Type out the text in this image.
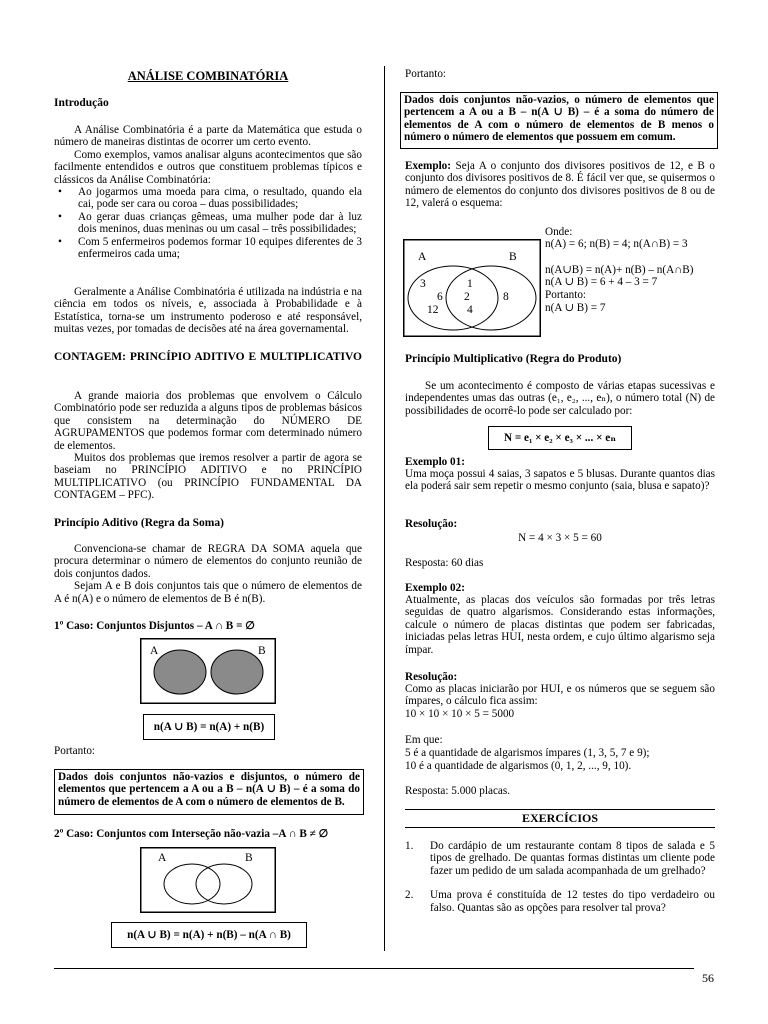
ANÁLISE COMBINATÓRIA
Introdução

A Análise Combinatória é a parte da Matemática que estuda o número de maneiras distintas de ocorrer um certo evento.

Como exemplos, vamos analisar alguns acontecimentos que são facilmente entendidos e outros que constituem problemas típicos e clássicos da Análise Combinatória:

• Ao jogarmos uma moeda para cima, o resultado, quando ela cai, pode ser cara ou coroa – duas possibilidades;
• Ao gerar duas crianças gêmeas, uma mulher pode dar à luz dois meninos, duas meninas ou um casal – três possibilidades;
• Com 5 enfermeiros podemos formar 10 equipes diferentes de 3 enfermeiros cada uma;

Geralmente a Análise Combinatória é utilizada na indústria e na ciência em todos os níveis, e, associada à Probabilidade e à Estatística, torna-se um instrumento poderoso e até responsável, muitas vezes, por tomadas de decisões até na área governamental.

CONTAGEM: PRINCÍPIO ADITIVO E MULTIPLICATIVO

A grande maioria dos problemas que envolvem o Cálculo Combinatório pode ser reduzida a alguns tipos de problemas básicos que consistem na determinação do NÚMERO DE AGRUPAMENTOS que podemos formar com determinado número de elementos.

Muitos dos problemas que iremos resolver a partir de agora se baseiam no PRINCÍPIO ADITIVO e no PRINCÍPIO MULTIPLICATIVO (ou PRINCÍPIO FUNDAMENTAL DA CONTAGEM – PFC).

Princípio Aditivo (Regra da Soma)

Convenciona-se chamar de REGRA DA SOMA aquela que procura determinar o número de elementos do conjunto reunião de dois conjuntos dados.

Sejam A e B dois conjuntos tais que o número de elementos de A é n(A) e o número de elementos de B é n(B).

1º Caso: Conjuntos Disjuntos – A ∩ B = ∅
A	B
n(A ∪ B) = n(A) + n(B)
Portanto:
Dados dois conjuntos não-vazios e disjuntos, o número de elementos que pertencem a A ou a B – n(A ∪ B) – é a soma do número de elementos de A com o número de elementos de B.
2º Caso: Conjuntos com Interseção não-vazia –A ∩ B ≠ ∅
A	B
n(A ∪ B) = n(A) + n(B) – n(A ∩ B)
Portanto:
Dados dois conjuntos não-vazios, o número de elementos que pertencem a A ou a B – n(A ∪ B) – é a soma do número de elementos de A com o número de elementos de B menos o número o número de elementos que possuem em comum.

Exemplo: Seja A o conjunto dos divisores positivos de 12, e B o conjunto dos divisores positivos de 8. É fácil ver que, se quisermos o número de elementos do conjunto dos divisores positivos de 8 ou de 12, valerá o esquema:

A	B
3
6
12
1
2
4
8
Onde:
n(A) = 6; n(B) = 4; n(A∩B) = 3
n(A∪B) = n(A)+ n(B) – n(A∩B)
n(A ∪ B) = 6 + 4 – 3 = 7
Portanto:
n(A ∪ B) = 7
Princípio Multiplicativo (Regra do Produto)

Se um acontecimento é composto de várias etapas sucessivas e independentes umas das outras (e₁, e₂, ..., eₙ), o número total (N) de possibilidades de ocorrê-lo pode ser calculado por:

N = e₁ × e₂ × e₃ × ... × eₙ
Exemplo 01:

Uma moça possui 4 saias, 3 sapatos e 5 blusas. Durante quantos dias ela poderá sair sem repetir o mesmo conjunto (saia, blusa e sapato)?

Resolução:
N = 4 × 3 × 5 = 60
Resposta: 60 dias
Exemplo 02:

Atualmente, as placas dos veículos são formadas por três letras seguidas de quatro algarismos. Considerando estas informações, calcule o número de placas distintas que podem ser fabricadas, iniciadas pelas letras HUI, nesta ordem, e cujo último algarismo seja ímpar.

Resolução:

Como as placas iniciarão por HUI, e os números que se seguem são ímpares, o cálculo fica assim:

10 × 10 × 10 × 5 = 5000
Em que:
5 é a quantidade de algarismos ímpares (1, 3, 5, 7 e 9);
10 é a quantidade de algarismos (0, 1, 2, ..., 9, 10).
Resposta: 5.000 placas.
EXERCÍCIOS
1. Do cardápio de um restaurante contam 8 tipos de salada e 5 tipos de grelhado. De quantas formas distintas um cliente pode fazer um pedido de um salada acompanhada de um grelhado?
2. Uma prova é constituída de 12 testes do tipo verdadeiro ou falso. Quantas são as opções para resolver tal prova?
56
